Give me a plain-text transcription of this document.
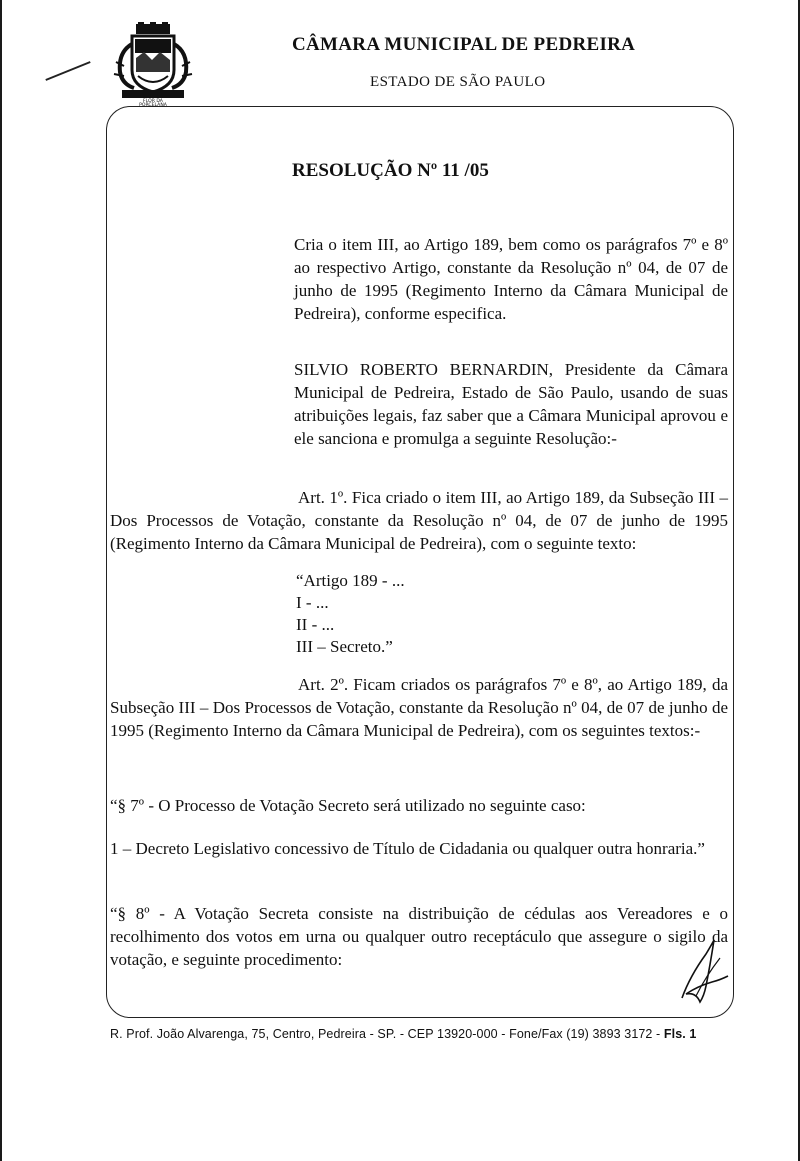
FLOR DA
PORCELANA
CÂMARA MUNICIPAL DE PEDREIRA
ESTADO DE SÃO PAULO
RESOLUÇÃO Nº 11 /05
Cria o item III, ao Artigo 189, bem como os parágrafos 7º e 8º ao respectivo Artigo, constante da Resolução nº 04, de 07 de junho de 1995 (Regimento Interno da Câmara Municipal de Pedreira), conforme especifica.
SILVIO ROBERTO BERNARDIN, Presidente da Câmara Municipal de Pedreira, Estado de São Paulo, usando de suas atribuições legais, faz saber que a Câmara Municipal aprovou e ele sanciona e promulga a seguinte Resolução:-
Art. 1º. Fica criado o item III, ao Artigo 189, da Subseção III – Dos Processos de Votação, constante da Resolução nº 04, de 07 de junho de 1995 (Regimento Interno da Câmara Municipal de Pedreira), com o seguinte texto:
“Artigo 189 - ...
I - ...
II - ...
III – Secreto.”
Art. 2º. Ficam criados os parágrafos 7º e 8º, ao Artigo 189, da Subseção III – Dos Processos de Votação, constante da Resolução nº 04, de 07 de junho de 1995 (Regimento Interno da Câmara Municipal de Pedreira), com os seguintes textos:-
“§ 7º - O Processo de Votação Secreto será utilizado no seguinte caso:
1 – Decreto Legislativo concessivo de Título de Cidadania ou qualquer outra honraria.”
“§ 8º - A Votação Secreta consiste na distribuição de cédulas aos Vereadores e o recolhimento dos votos em urna ou qualquer outro receptáculo que assegure o sigilo da votação, e seguinte procedimento:
R. Prof. João Alvarenga, 75, Centro, Pedreira - SP. - CEP 13920-000 - Fone/Fax (19) 3893 3172 - Fls. 1
